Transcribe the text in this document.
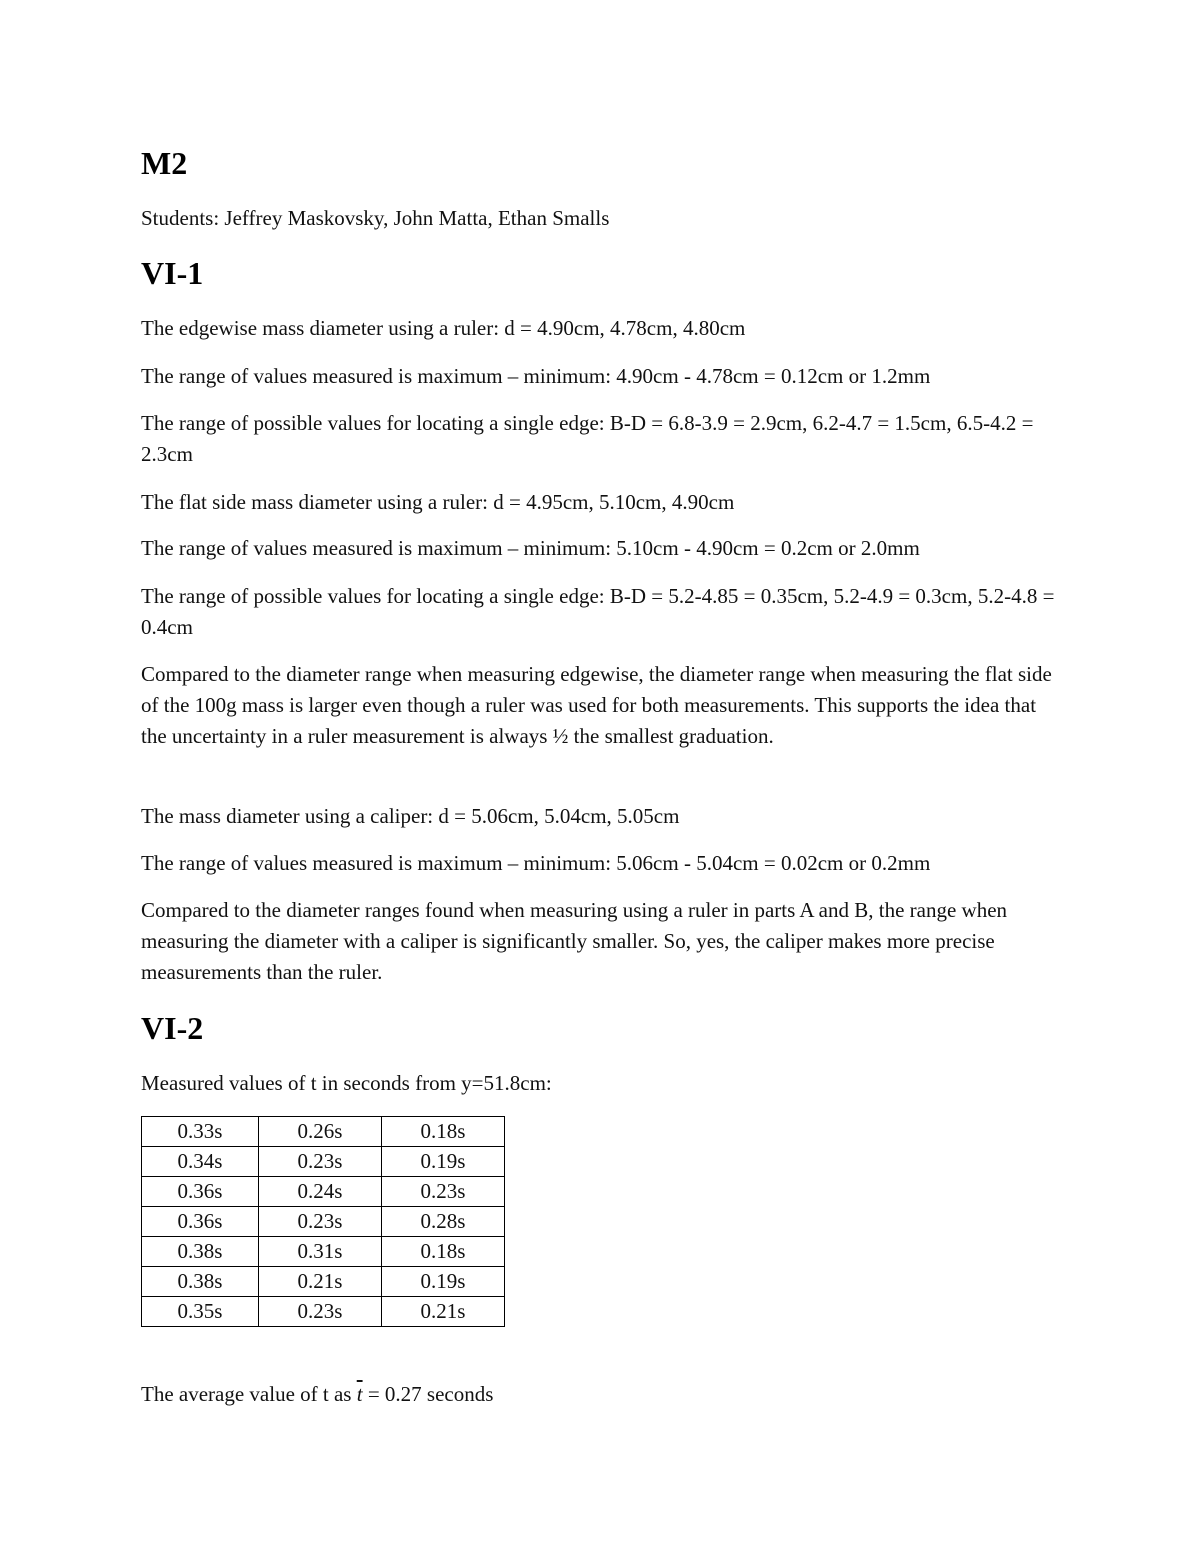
M2

Students: Jeffrey Maskovsky, John Matta, Ethan Smalls

VI-1

The edgewise mass diameter using a ruler: d = 4.90cm, 4.78cm, 4.80cm

The range of values measured is maximum – minimum: 4.90cm - 4.78cm = 0.12cm or 1.2mm

The range of possible values for locating a single edge: B-D = 6.8-3.9 = 2.9cm, 6.2-4.7 = 1.5cm, 6.5-4.2 = 2.3cm

The flat side mass diameter using a ruler: d = 4.95cm, 5.10cm, 4.90cm

The range of values measured is maximum – minimum: 5.10cm - 4.90cm = 0.2cm or 2.0mm

The range of possible values for locating a single edge: B-D = 5.2-4.85 = 0.35cm, 5.2-4.9 = 0.3cm, 5.2-4.8 = 0.4cm

Compared to the diameter range when measuring edgewise, the diameter range when measuring the flat side of the 100g mass is larger even though a ruler was used for both measurements. This supports the idea that the uncertainty in a ruler measurement is always ½ the smallest graduation.

The mass diameter using a caliper: d = 5.06cm, 5.04cm, 5.05cm

The range of values measured is maximum – minimum: 5.06cm - 5.04cm = 0.02cm or 0.2mm

Compared to the diameter ranges found when measuring using a ruler in parts A and B, the range when measuring the diameter with a caliper is significantly smaller. So, yes, the caliper makes more precise measurements than the ruler.

VI-2

Measured values of t in seconds from y=51.8cm:

0.33s	0.26s	0.18s
0.34s	0.23s	0.19s
0.36s	0.24s	0.23s
0.36s	0.23s	0.28s
0.38s	0.31s	0.18s
0.38s	0.21s	0.19s
0.35s	0.23s	0.21s

The average value of t as $\overline{t} = 0.27$ seconds
